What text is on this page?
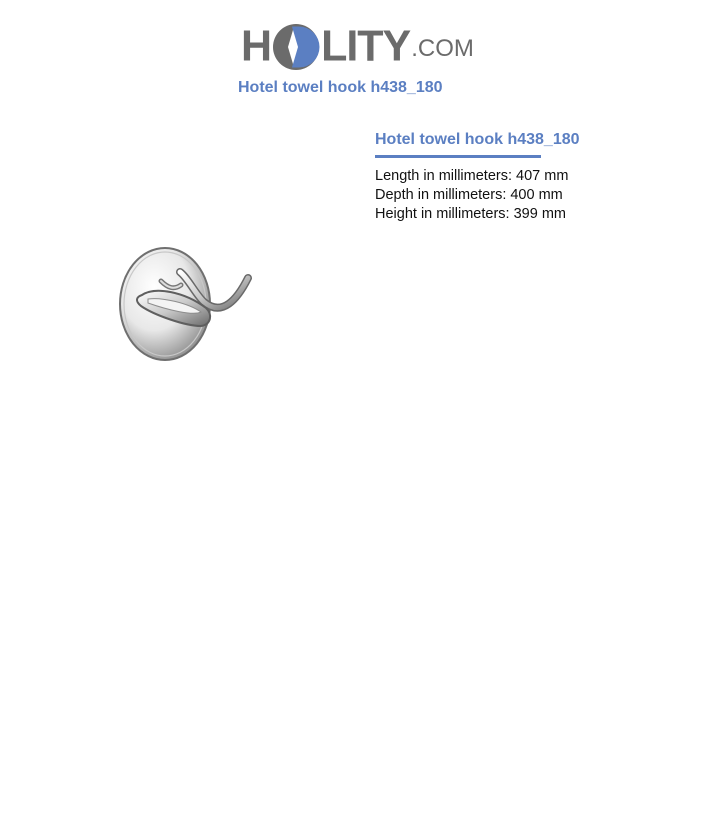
H LITY .COM
Hotel towel hook h438_180
Hotel towel hook h438_180
Length in millimeters: 407 mm
Depth in millimeters: 400 mm
Height in millimeters: 399 mm
